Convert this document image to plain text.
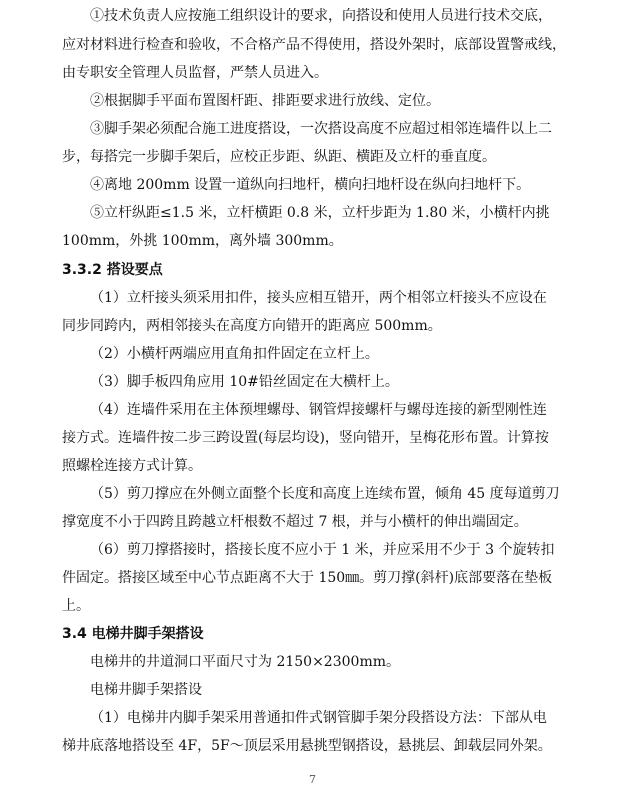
①技术负责人应按施工组织设计的要求，向搭设和使用人员进行技术交底，
应对材料进行检查和验收，不合格产品不得使用，搭设外架时，底部设置警戒线，
由专职安全管理人员监督，严禁人员进入。
②根据脚手平面布置图杆距、排距要求进行放线、定位。
③脚手架必须配合施工进度搭设，一次搭设高度不应超过相邻连墙件以上二
步，每搭完一步脚手架后，应校正步距、纵距、横距及立杆的垂直度。
④离地 200mm 设置一道纵向扫地杆，横向扫地杆设在纵向扫地杆下。
⑤立杆纵距≤1.5 米，立杆横距 0.8 米，立杆步距为 1.80 米，小横杆内挑
100mm，外挑 100mm，离外墙 300mm。
3.3.2 搭设要点
（1）立杆接头须采用扣件，接头应相互错开，两个相邻立杆接头不应设在
同步同跨内，两相邻接头在高度方向错开的距离应 500mm。
（2）小横杆两端应用直角扣件固定在立杆上。
（3）脚手板四角应用 10#铅丝固定在大横杆上。
（4）连墙件采用在主体预埋螺母、钢管焊接螺杆与螺母连接的新型刚性连
接方式。连墙件按二步三跨设置(每层均设)，竖向错开，呈梅花形布置。计算按
照螺栓连接方式计算。
（5）剪刀撑应在外侧立面整个长度和高度上连续布置，倾角 45 度每道剪刀
撑宽度不小于四跨且跨越立杆根数不超过 7 根，并与小横杆的伸出端固定。
（6）剪刀撑搭接时，搭接长度不应小于 1 米，并应采用不少于 3 个旋转扣
件固定。搭接区域至中心节点距离不大于 150㎜。剪刀撑(斜杆)底部要落在垫板
上。
3.4 电梯井脚手架搭设
电梯井的井道洞口平面尺寸为 2150×2300mm。
电梯井脚手架搭设
（1）电梯井内脚手架采用普通扣件式钢管脚手架分段搭设方法：下部从电
梯井底落地搭设至 4F，5F～顶层采用悬挑型钢搭设，悬挑层、卸载层同外架。
7
